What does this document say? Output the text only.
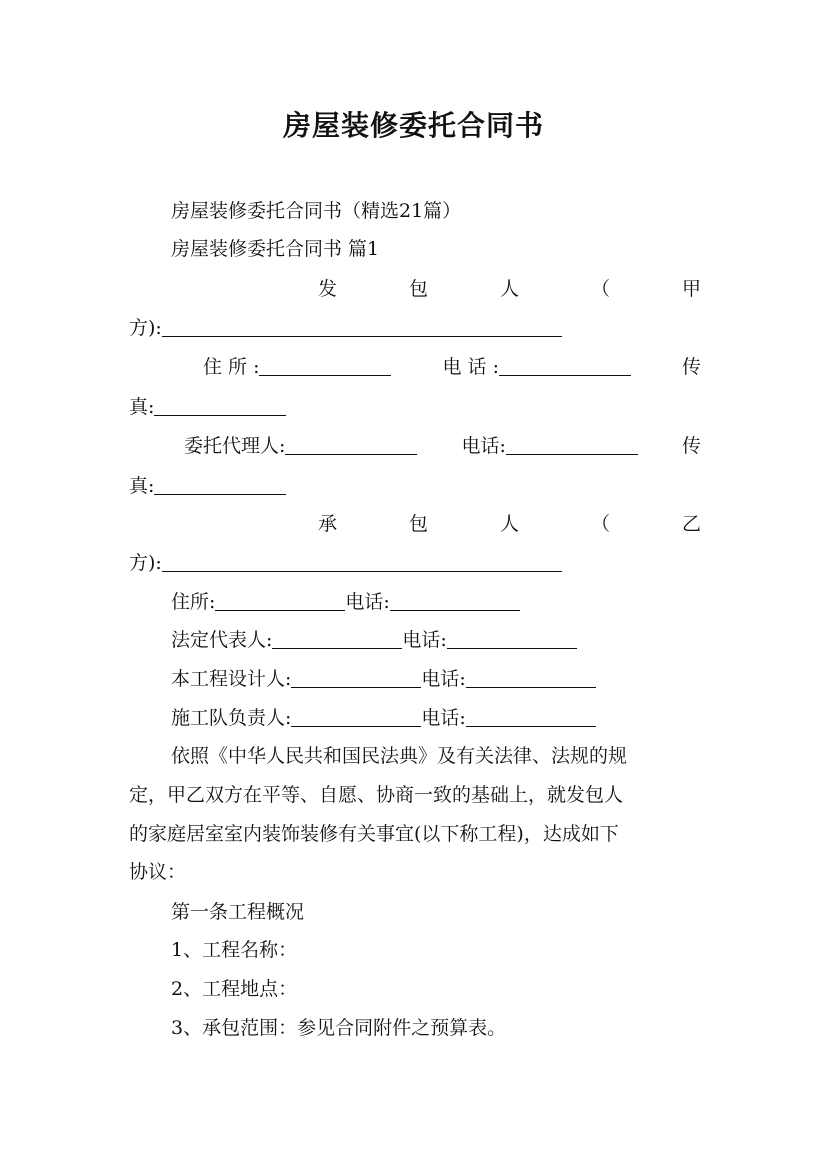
房屋装修委托合同书
房屋装修委托合同书（精选21篇）
房屋装修委托合同书 篇1
发	包	人	（	甲
方):
住 所 :	电 话 :	传
真:
委托代理人:	电话:	传
真:
承	包	人	（	乙
方):
住所:	电话:
法定代表人:	电话:
本工程设计人:	电话:
施工队负责人:	电话:
依照《中华人民共和国民法典》及有关法律、法规的规
定，甲乙双方在平等、自愿、协商一致的基础上，就发包人
的家庭居室室内装饰装修有关事宜(以下称工程)，达成如下
协议：
第一条工程概况
1、工程名称：
2、工程地点：
3、承包范围：参见合同附件之预算表。
